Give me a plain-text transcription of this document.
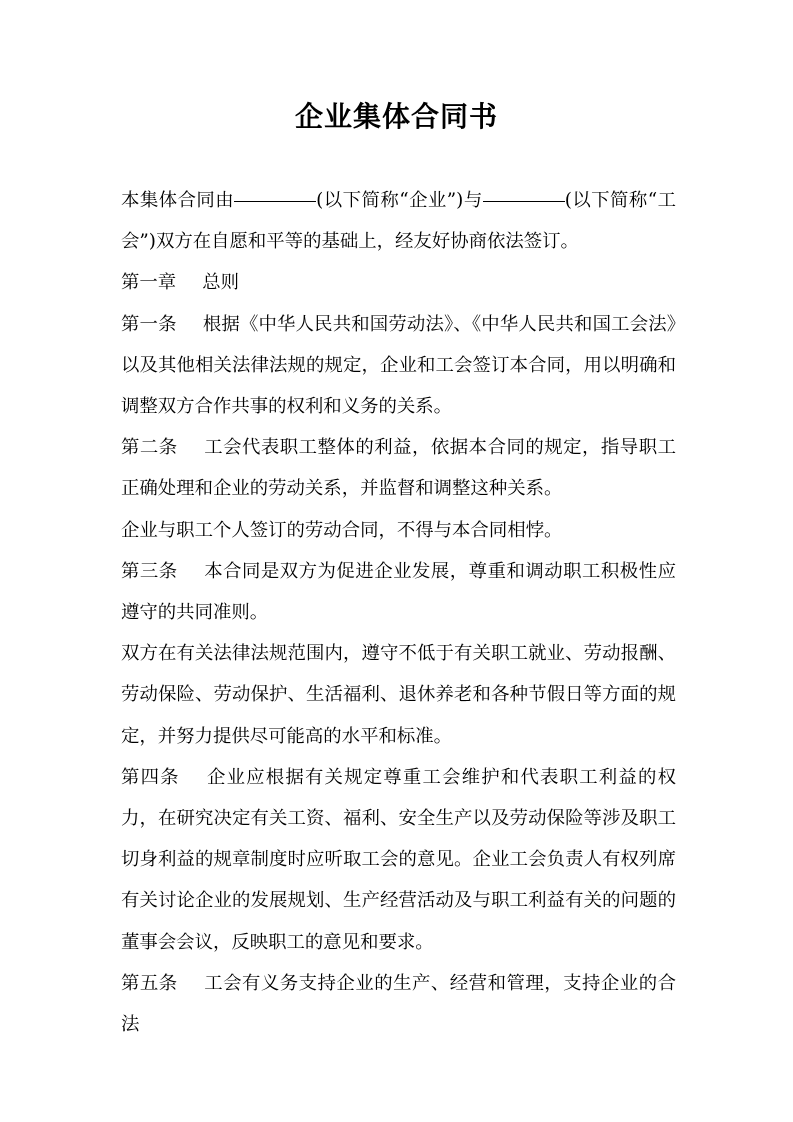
企业集体合同书

本集体合同由	(以下简称“企业”)与	(以下简称“工会”)双方在自愿和平等的基础上，经友好协商依法签订。

第一章 总则

第一条 根据《中华人民共和国劳动法》、《中华人民共和国工会法》以及其他相关法律法规的规定，企业和工会签订本合同，用以明确和调整双方合作共事的权利和义务的关系。

第二条 工会代表职工整体的利益，依据本合同的规定，指导职工正确处理和企业的劳动关系，并监督和调整这种关系。

企业与职工个人签订的劳动合同，不得与本合同相悖。

第三条 本合同是双方为促进企业发展，尊重和调动职工积极性应遵守的共同准则。

双方在有关法律法规范围内，遵守不低于有关职工就业、劳动报酬、劳动保险、劳动保护、生活福利、退休养老和各种节假日等方面的规定，并努力提供尽可能高的水平和标准。

第四条 企业应根据有关规定尊重工会维护和代表职工利益的权力，在研究决定有关工资、福利、安全生产以及劳动保险等涉及职工切身利益的规章制度时应听取工会的意见。企业工会负责人有权列席有关讨论企业的发展规划、生产经营活动及与职工利益有关的问题的董事会会议，反映职工的意见和要求。

第五条 工会有义务支持企业的生产、经营和管理，支持企业的合法
